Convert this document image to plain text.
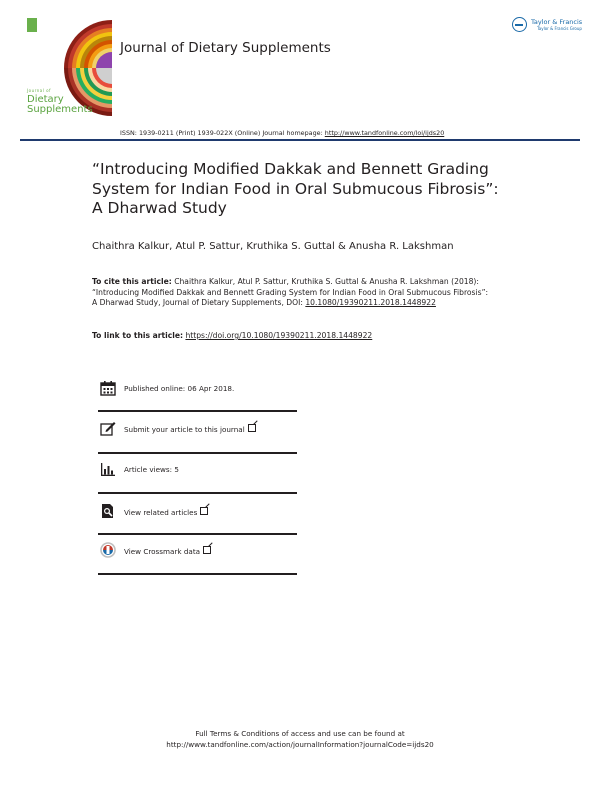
Journal of
Dietary
Supplements
Journal of Dietary Supplements
Taylor & Francis
Taylor & Francis Group
ISSN: 1939-0211 (Print) 1939-022X (Online) Journal homepage: http://www.tandfonline.com/loi/ijds20
“Introducing Modified Dakkak and Bennett Grading System for Indian Food in Oral Submucous Fibrosis”: A Dharwad Study
Chaithra Kalkur, Atul P. Sattur, Kruthika S. Guttal & Anusha R. Lakshman
To cite this article: Chaithra Kalkur, Atul P. Sattur, Kruthika S. Guttal & Anusha R. Lakshman (2018): “Introducing Modified Dakkak and Bennett Grading System for Indian Food in Oral Submucous Fibrosis”: A Dharwad Study, Journal of Dietary Supplements, DOI: 10.1080/19390211.2018.1448922
To link to this article: https://doi.org/10.1080/19390211.2018.1448922
Published online: 06 Apr 2018.
Submit your article to this journal
Article views: 5
View related articles
View Crossmark data
Full Terms & Conditions of access and use can be found at
http://www.tandfonline.com/action/journalInformation?journalCode=ijds20
